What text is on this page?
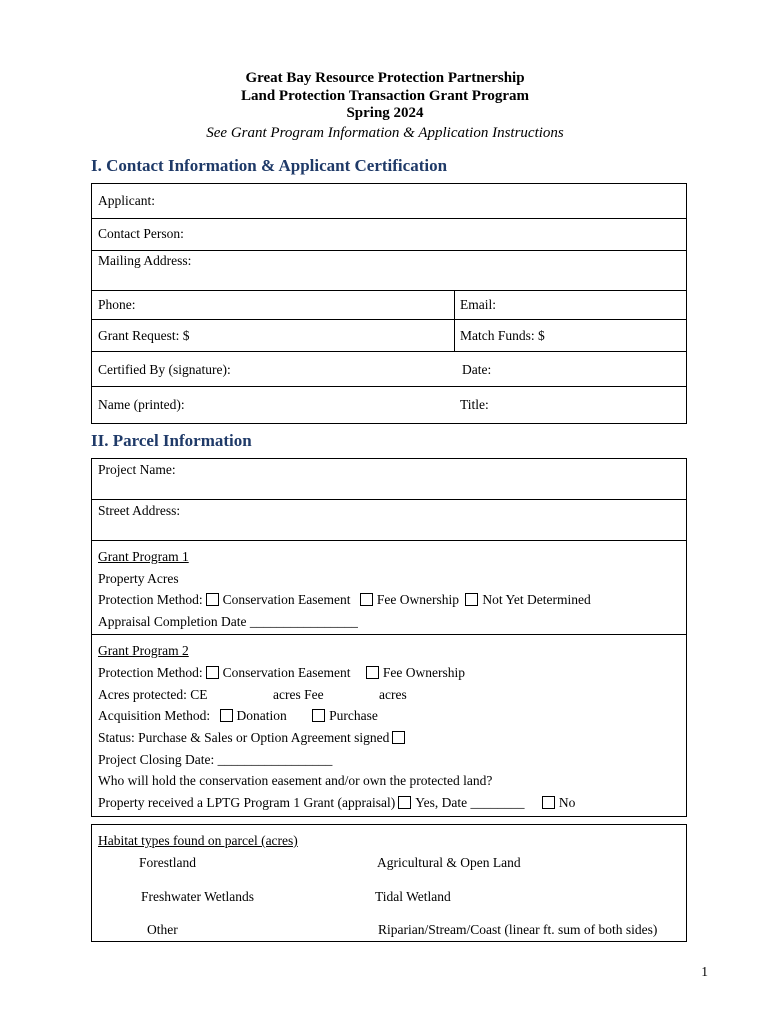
Great Bay Resource Protection Partnership
Land Protection Transaction Grant Program
Spring 2024
See Grant Program Information & Application Instructions
I. Contact Information & Applicant Certification
Applicant:
Contact Person:
Mailing Address:
Phone:	Email:
Grant Request: $	Match Funds: $
Certified By (signature):	Date:
Name (printed):	Title:
II. Parcel Information
Project Name:
Street Address:
Grant Program 1
Property Acres
Protection Method: Conservation Easement Fee Ownership Not Yet Determined
Appraisal Completion Date ________________
Grant Program 2
Protection Method: Conservation Easement Fee Ownership
Acres protected: CE	acres Fee	acres
Acquisition Method: Donation	Purchase
Status: Purchase & Sales or Option Agreement signed
Project Closing Date: _________________
Who will hold the conservation easement and/or own the protected land?
Property received a LPTG Program 1 Grant (appraisal) Yes, Date ________	No
Habitat types found on parcel (acres)
Forestland	Agricultural & Open Land
Freshwater Wetlands	Tidal Wetland
Other	Riparian/Stream/Coast (linear ft. sum of both sides)
1
